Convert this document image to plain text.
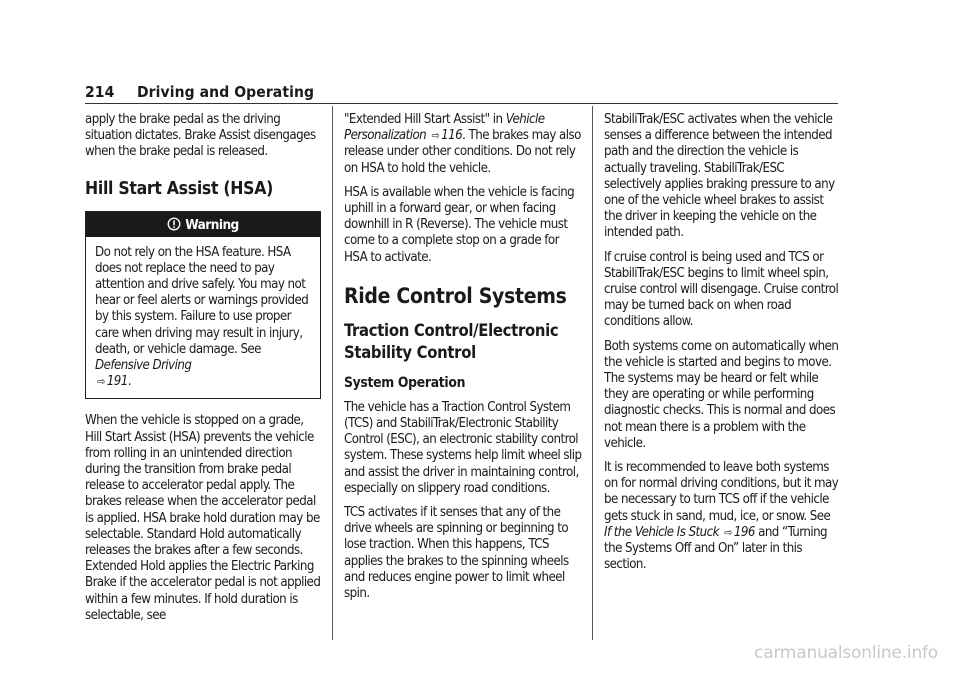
214 Driving and Operating

apply the brake pedal as the driving situation dictates. Brake Assist disengages when the brake pedal is released.

Hill Start Assist (HSA)
Warning
Do not rely on the HSA feature. HSA does not replace the need to pay attention and drive safely. You may not hear or feel alerts or warnings provided by this system. Failure to use proper care when driving may result in injury, death, or vehicle damage. See Defensive Driving
⇨ 191.

When the vehicle is stopped on a grade, Hill Start Assist (HSA) prevents the vehicle from rolling in an unintended direction during the transition from brake pedal release to accelerator pedal apply. The brakes release when the accelerator pedal is applied. HSA brake hold duration may be selectable. Standard Hold automatically releases the brakes after a few seconds. Extended Hold applies the Electric Parking Brake if the accelerator pedal is not applied within a few minutes. If hold duration is selectable, see

"Extended Hill Start Assist" in Vehicle Personalization ⇨ 116. The brakes may also release under other conditions. Do not rely on HSA to hold the vehicle.

HSA is available when the vehicle is facing uphill in a forward gear, or when facing downhill in R (Reverse). The vehicle must come to a complete stop on a grade for HSA to activate.

Ride Control Systems
Traction Control/Electronic Stability Control
System Operation

The vehicle has a Traction Control System (TCS) and StabiliTrak/Electronic Stability Control (ESC), an electronic stability control system. These systems help limit wheel slip and assist the driver in maintaining control, especially on slippery road conditions.

TCS activates if it senses that any of the drive wheels are spinning or beginning to lose traction. When this happens, TCS applies the brakes to the spinning wheels and reduces engine power to limit wheel spin.

StabiliTrak/ESC activates when the vehicle senses a difference between the intended path and the direction the vehicle is actually traveling. StabiliTrak/ESC selectively applies braking pressure to any one of the vehicle wheel brakes to assist the driver in keeping the vehicle on the intended path.

If cruise control is being used and TCS or StabiliTrak/ESC begins to limit wheel spin, cruise control will disengage. Cruise control may be turned back on when road conditions allow.

Both systems come on automatically when the vehicle is started and begins to move. The systems may be heard or felt while they are operating or while performing diagnostic checks. This is normal and does not mean there is a problem with the vehicle.

It is recommended to leave both systems on for normal driving conditions, but it may be necessary to turn TCS off if the vehicle gets stuck in sand, mud, ice, or snow. See If the Vehicle Is Stuck ⇨ 196 and “Turning the Systems Off and On” later in this section.

carmanualsonline.info
